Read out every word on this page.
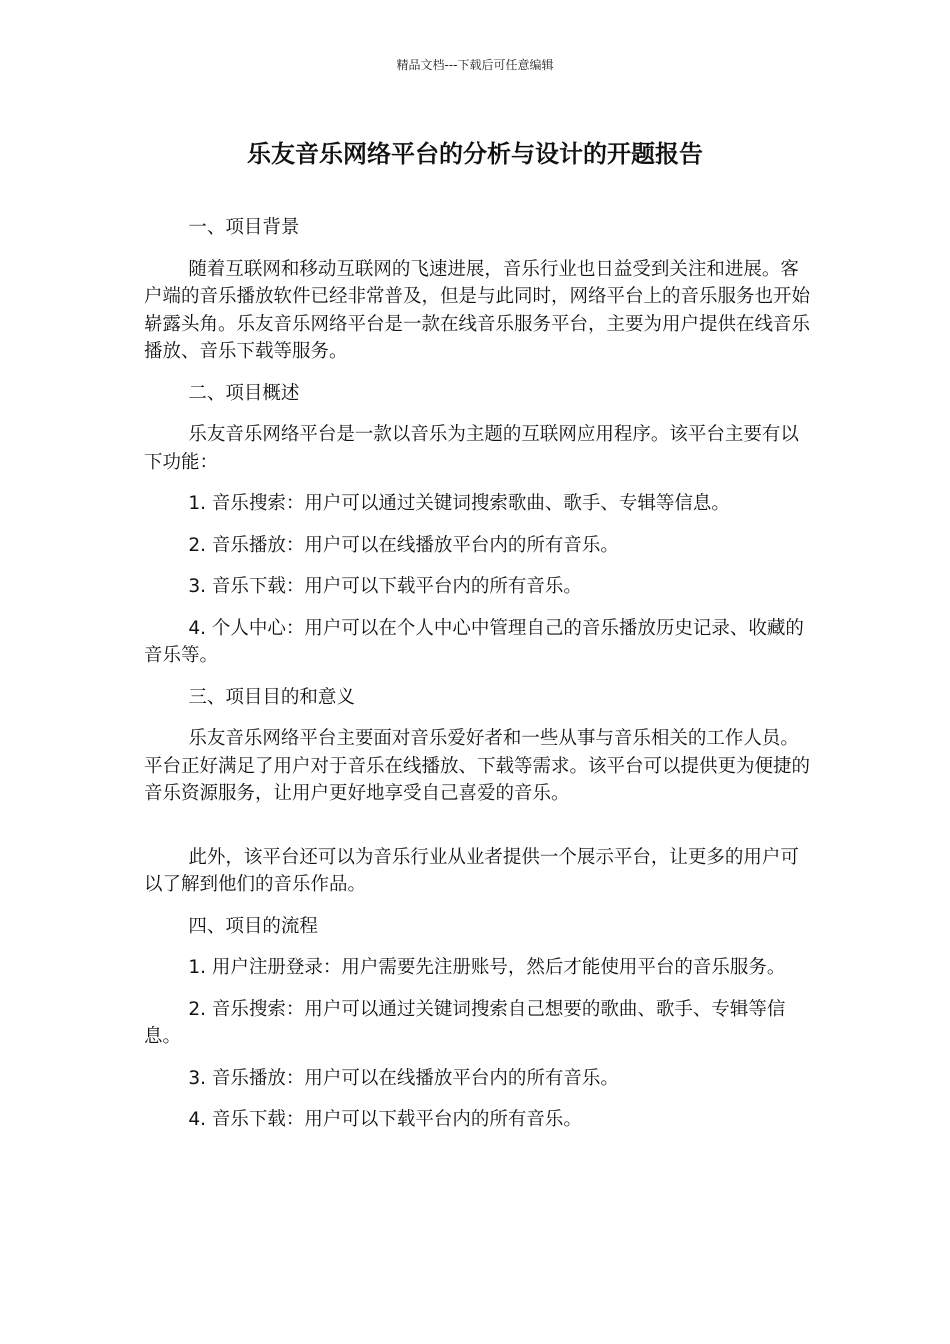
精品文档---下载后可任意编辑
乐友音乐网络平台的分析与设计的开题报告

一、项目背景

随着互联网和移动互联网的飞速进展，音乐行业也日益受到关注和进展。客户端的音乐播放软件已经非常普及，但是与此同时，网络平台上的音乐服务也开始崭露头角。乐友音乐网络平台是一款在线音乐服务平台，主要为用户提供在线音乐播放、音乐下载等服务。

二、项目概述

乐友音乐网络平台是一款以音乐为主题的互联网应用程序。该平台主要有以下功能：

1. 音乐搜索：用户可以通过关键词搜索歌曲、歌手、专辑等信息。

2. 音乐播放：用户可以在线播放平台内的所有音乐。

3. 音乐下载：用户可以下载平台内的所有音乐。

4. 个人中心：用户可以在个人中心中管理自己的音乐播放历史记录、收藏的音乐等。

三、项目目的和意义

乐友音乐网络平台主要面对音乐爱好者和一些从事与音乐相关的工作人员。平台正好满足了用户对于音乐在线播放、下载等需求。该平台可以提供更为便捷的音乐资源服务，让用户更好地享受自己喜爱的音乐。

此外，该平台还可以为音乐行业从业者提供一个展示平台，让更多的用户可以了解到他们的音乐作品。

四、项目的流程

1. 用户注册登录：用户需要先注册账号，然后才能使用平台的音乐服务。

2. 音乐搜索：用户可以通过关键词搜索自己想要的歌曲、歌手、专辑等信息。

3. 音乐播放：用户可以在线播放平台内的所有音乐。

4. 音乐下载：用户可以下载平台内的所有音乐。
